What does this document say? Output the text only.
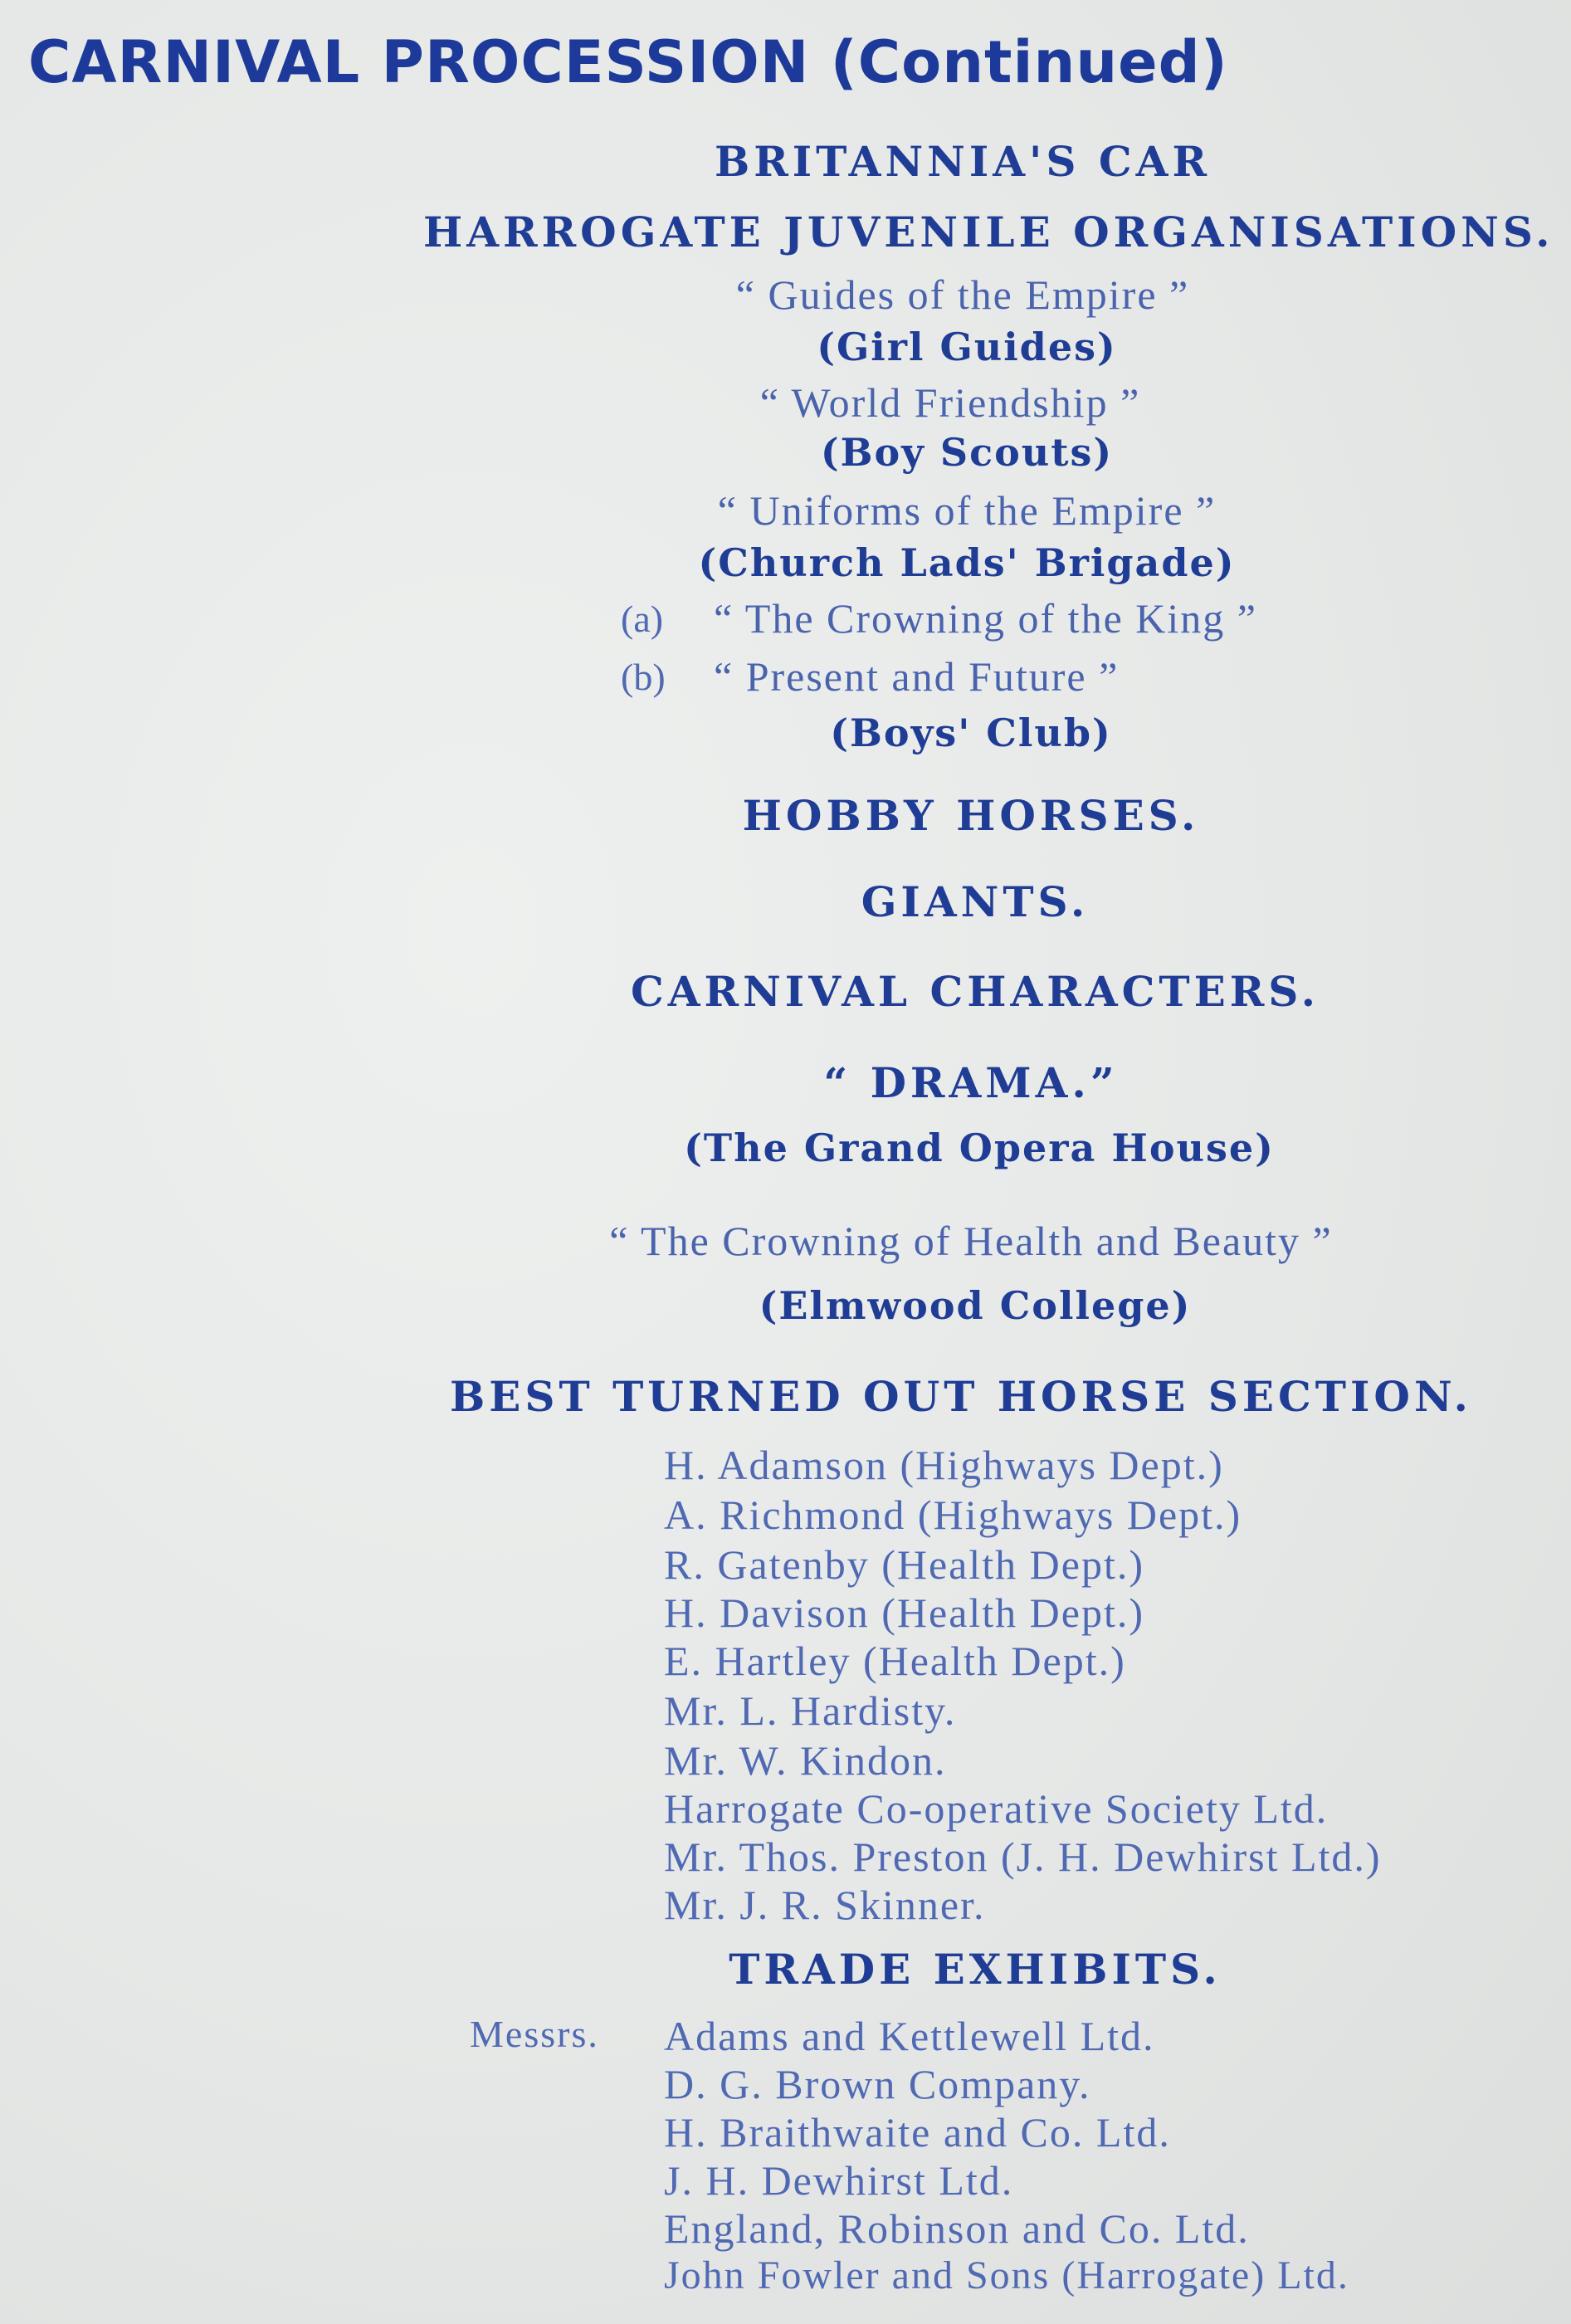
CARNIVAL PROCESSION (Continued)
BRITANNIA'S CAR
HARROGATE JUVENILE ORGANISATIONS.
“ Guides of the Empire ”
(Girl Guides)
“ World Friendship ”
(Boy Scouts)
“ Uniforms of the Empire ”
(Church Lads' Brigade)
(a) “ The Crowning of the King ”
(b) “ Present and Future ”
(Boys' Club)
HOBBY HORSES.
GIANTS.
CARNIVAL CHARACTERS.
“ DRAMA.”
(The Grand Opera House)
“ The Crowning of Health and Beauty ”
(Elmwood College)
BEST TURNED OUT HORSE SECTION.
H. Adamson (Highways Dept.)
A. Richmond (Highways Dept.)
R. Gatenby (Health Dept.)
H. Davison (Health Dept.)
E. Hartley (Health Dept.)
Mr. L. Hardisty.
Mr. W. Kindon.
Harrogate Co-operative Society Ltd.
Mr. Thos. Preston (J. H. Dewhirst Ltd.)
Mr. J. R. Skinner.
TRADE EXHIBITS.
Messrs. Adams and Kettlewell Ltd.
D. G. Brown Company.
H. Braithwaite and Co. Ltd.
J. H. Dewhirst Ltd.
England, Robinson and Co. Ltd.
John Fowler and Sons (Harrogate) Ltd.
